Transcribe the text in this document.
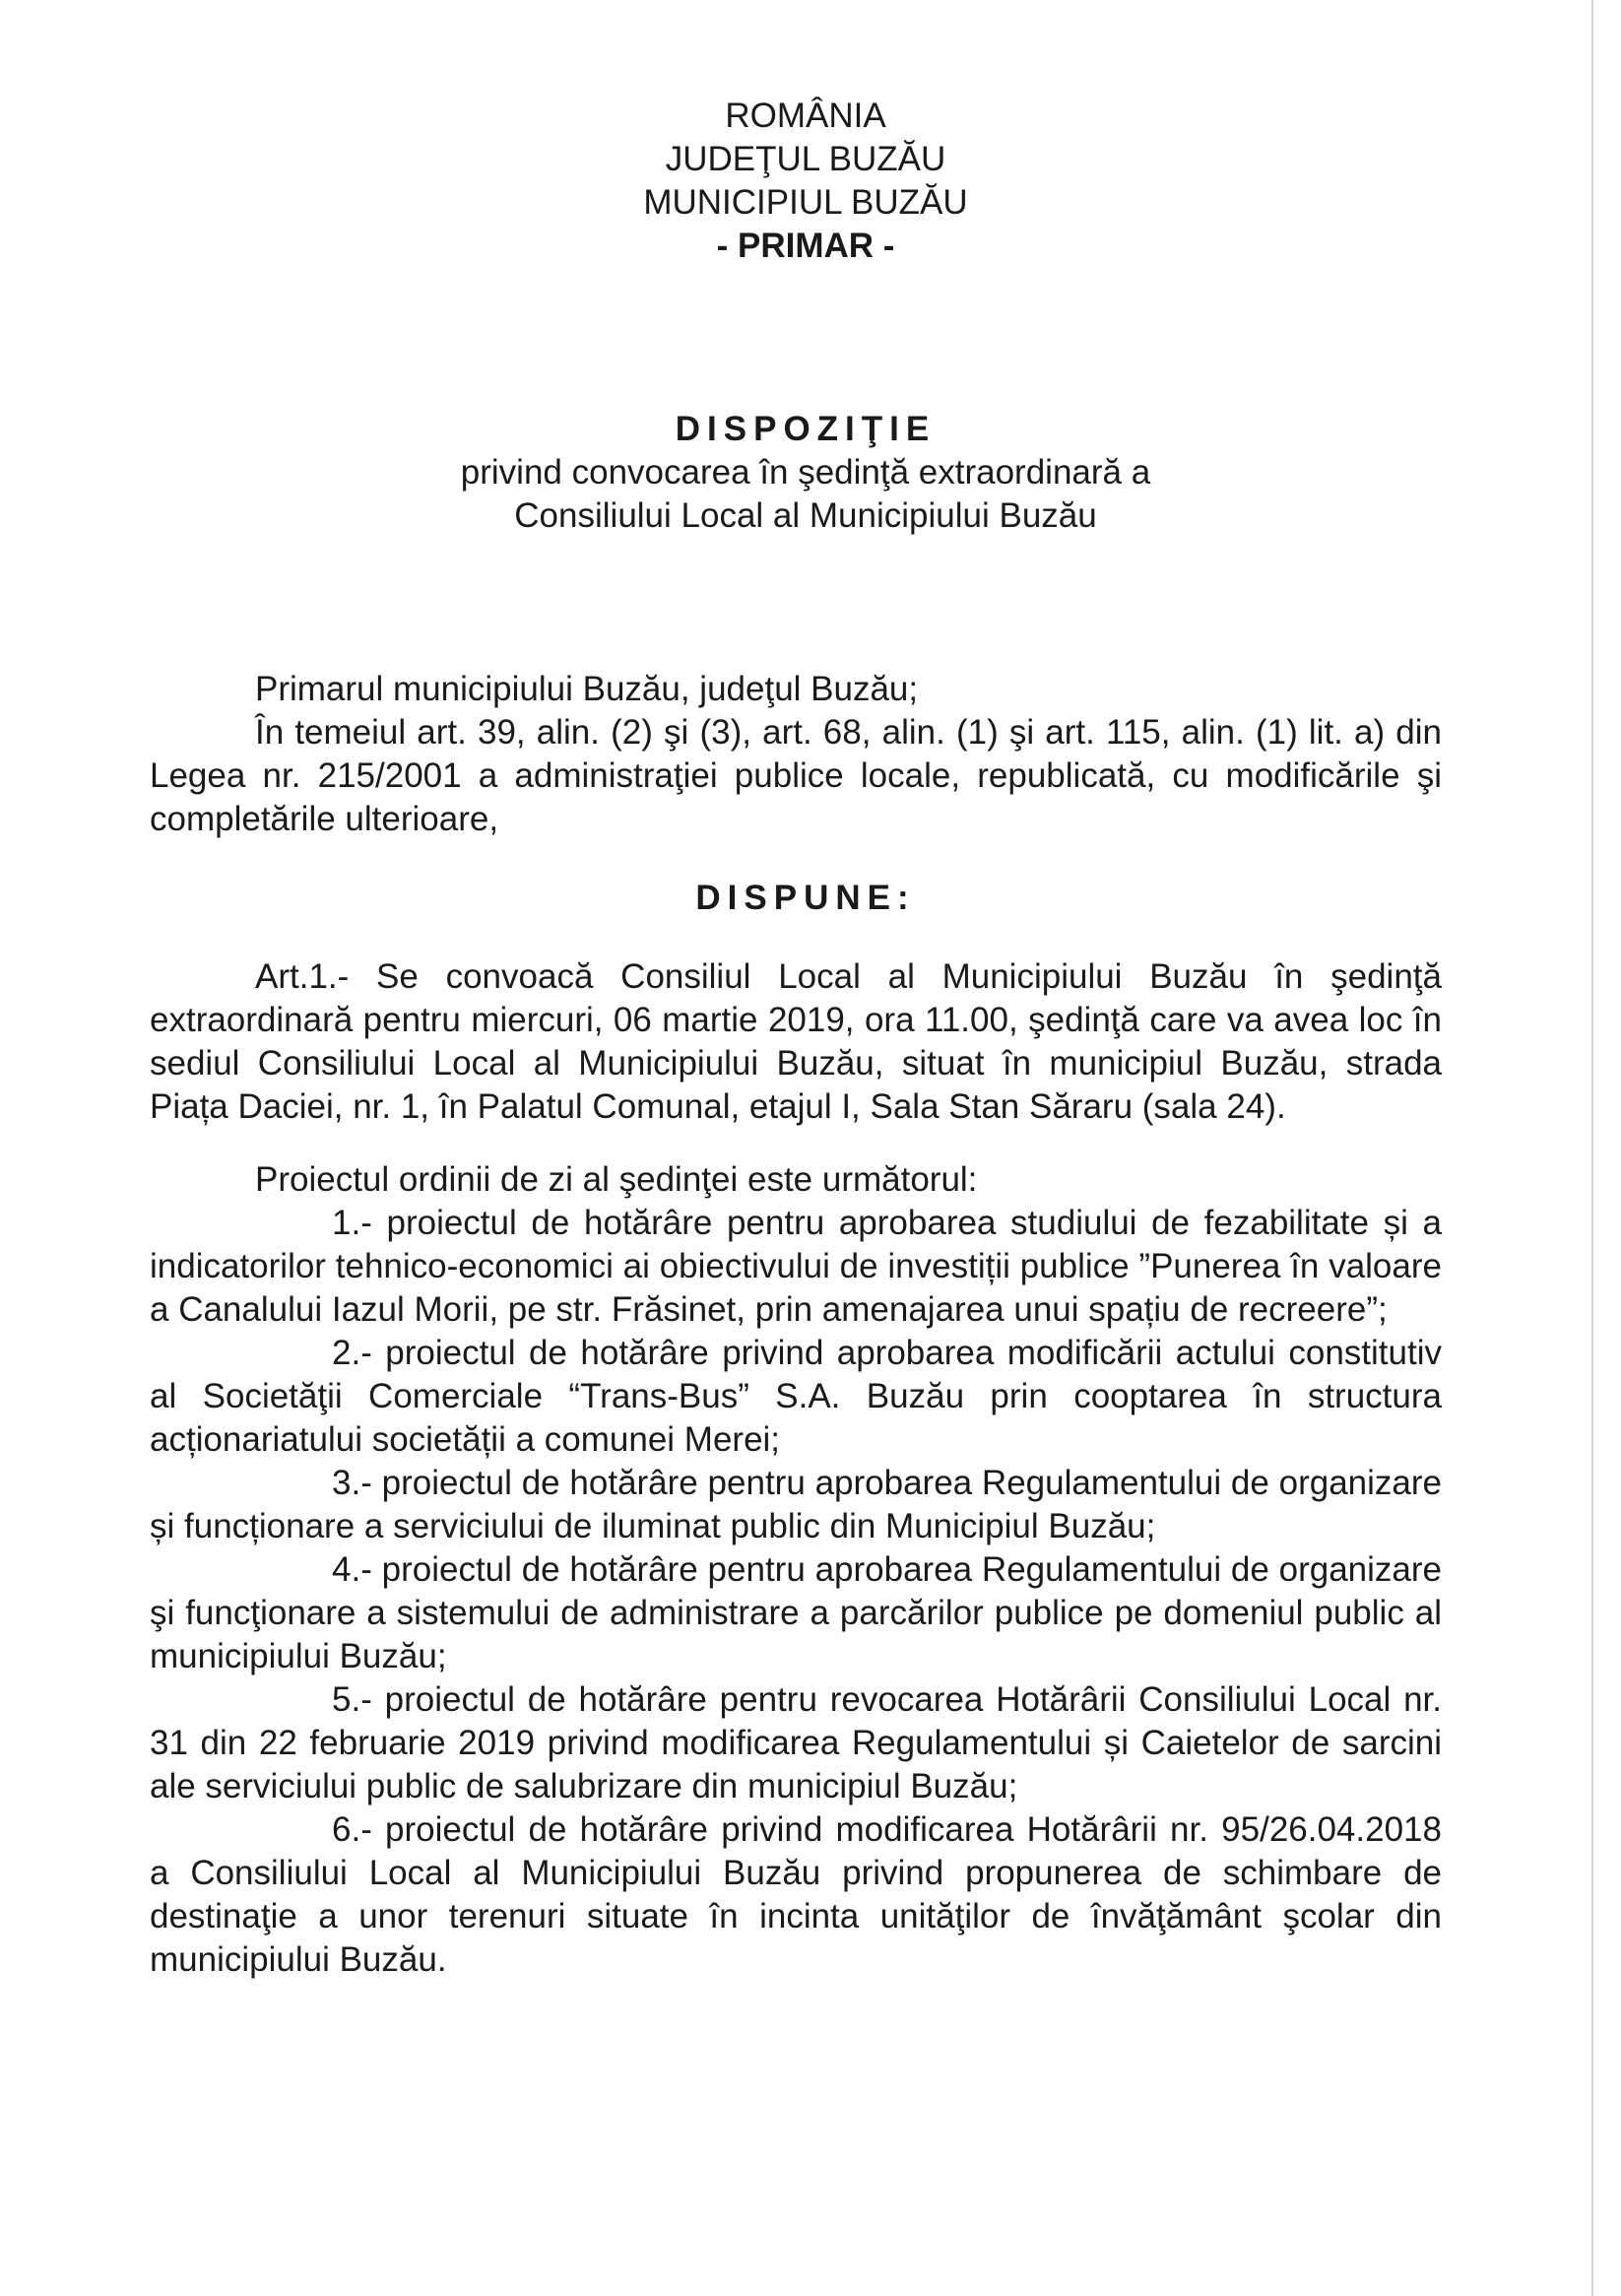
ROMÂNIA
JUDEŢUL BUZĂU
MUNICIPIUL BUZĂU
- PRIMAR -
DISPOZIŢIE
privind convocarea în şedinţă extraordinară a
Consiliului Local al Municipiului Buzău

Primarul municipiului Buzău, judeţul Buzău;

În temeiul art. 39, alin. (2) şi (3), art. 68, alin. (1) şi art. 115, alin. (1) lit. a) din Legea nr. 215/2001 a administraţiei publice locale, republicată, cu modificările şi completările ulterioare,

DISPUNE:

Art.1.- Se convoacă Consiliul Local al Municipiului Buzău în şedinţă extraordinară pentru miercuri, 06 martie 2019, ora 11.00, şedinţă care va avea loc în sediul Consiliului Local al Municipiului Buzău, situat în municipiul Buzău, strada Piața Daciei, nr. 1, în Palatul Comunal, etajul I, Sala Stan Săraru (sala 24).

Proiectul ordinii de zi al şedinţei este următorul:

1.- proiectul de hotărâre pentru aprobarea studiului de fezabilitate și a indicatorilor tehnico-economici ai obiectivului de investiții publice ”Punerea în valoare a Canalului Iazul Morii, pe str. Frăsinet, prin amenajarea unui spațiu de recreere”;

2.- proiectul de hotărâre privind aprobarea modificării actului constitutiv al Societăţii Comerciale “Trans-Bus” S.A. Buzău prin cooptarea în structura acționariatului societății a comunei Merei;

3.- proiectul de hotărâre pentru aprobarea Regulamentului de organizare și funcționare a serviciului de iluminat public din Municipiul Buzău;

4.- proiectul de hotărâre pentru aprobarea Regulamentului de organizare şi funcţionare a sistemului de administrare a parcărilor publice pe domeniul public al municipiului Buzău;

5.- proiectul de hotărâre pentru revocarea Hotărârii Consiliului Local nr. 31 din 22 februarie 2019 privind modificarea Regulamentului și Caietelor de sarcini ale serviciului public de salubrizare din municipiul Buzău;

6.- proiectul de hotărâre privind modificarea Hotărârii nr. 95/26.04.2018 a Consiliului Local al Municipiului Buzău privind propunerea de schimbare de destinaţie a unor terenuri situate în incinta unităţilor de învăţământ şcolar din municipiului Buzău.
